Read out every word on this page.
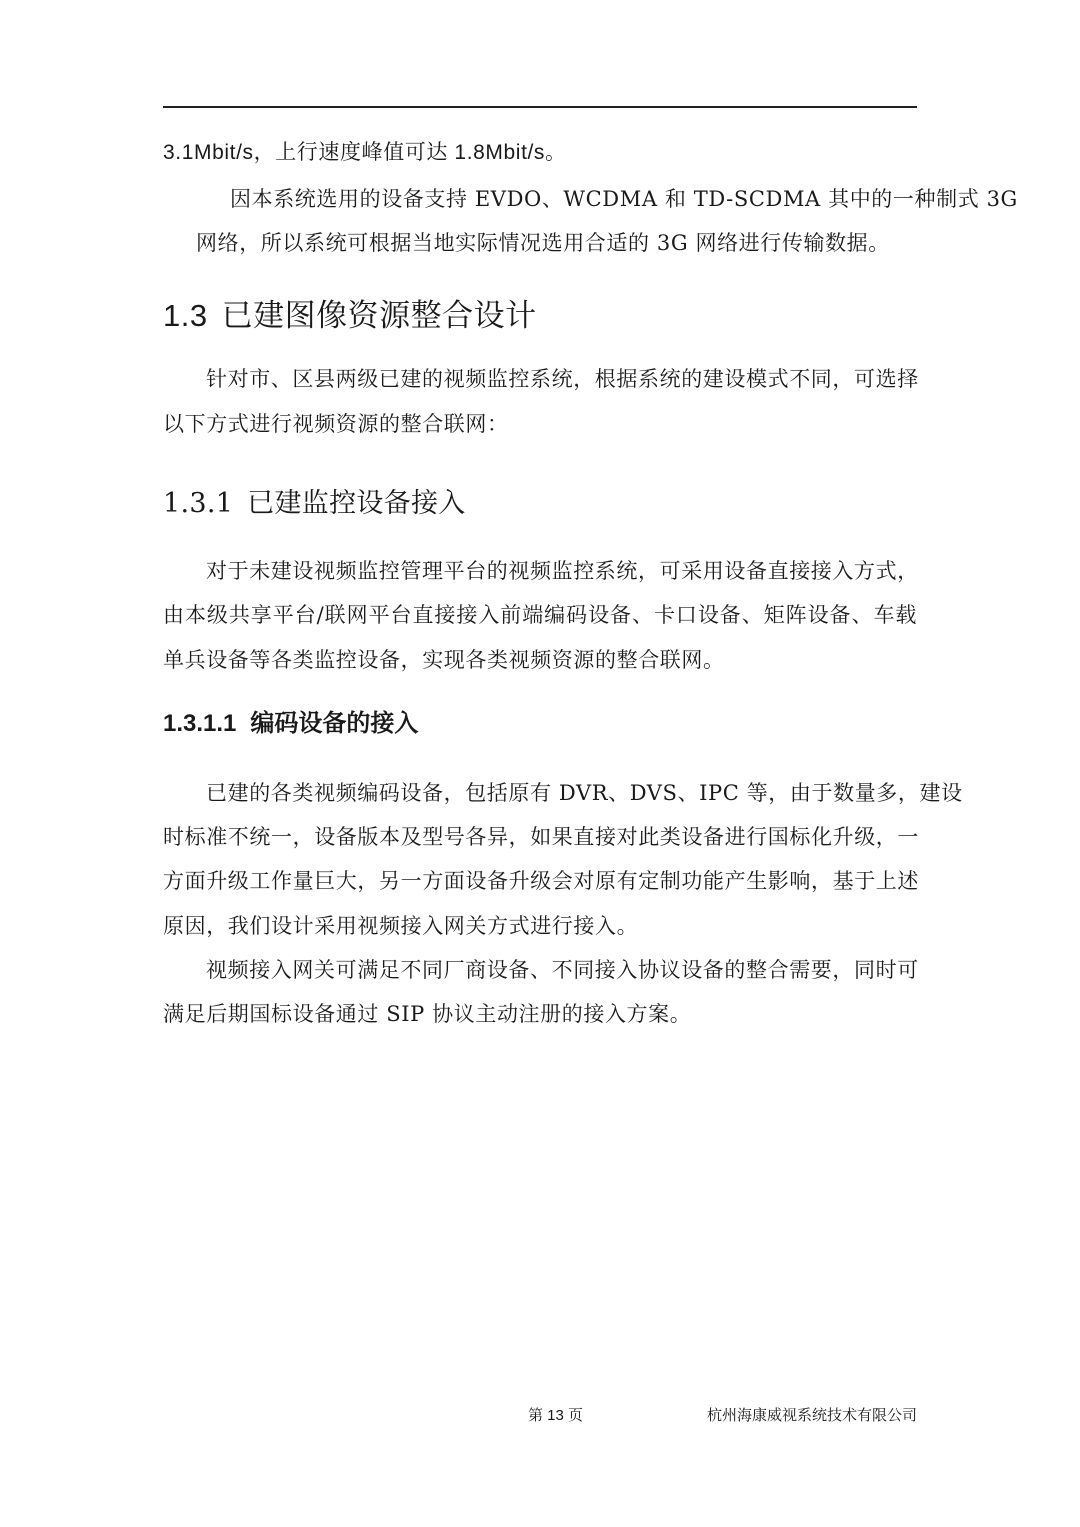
3.1Mbit/s，上行速度峰值可达 1.8Mbit/s。
因本系统选用的设备支持 EVDO、WCDMA 和 TD-SCDMA 其中的一种制式 3G
网络，所以系统可根据当地实际情况选用合适的 3G 网络进行传输数据。
1.3 已建图像资源整合设计
针对市、区县两级已建的视频监控系统，根据系统的建设模式不同，可选择
以下方式进行视频资源的整合联网：
1.3.1 已建监控设备接入
对于未建设视频监控管理平台的视频监控系统，可采用设备直接接入方式，
由本级共享平台/联网平台直接接入前端编码设备、卡口设备、矩阵设备、车载
单兵设备等各类监控设备，实现各类视频资源的整合联网。
1.3.1.1 编码设备的接入
已建的各类视频编码设备，包括原有 DVR、DVS、IPC 等，由于数量多，建设
时标准不统一，设备版本及型号各异，如果直接对此类设备进行国标化升级，一
方面升级工作量巨大，另一方面设备升级会对原有定制功能产生影响，基于上述
原因，我们设计采用视频接入网关方式进行接入。
视频接入网关可满足不同厂商设备、不同接入协议设备的整合需要，同时可
满足后期国标设备通过 SIP 协议主动注册的接入方案。
第 13 页	杭州海康威视系统技术有限公司
